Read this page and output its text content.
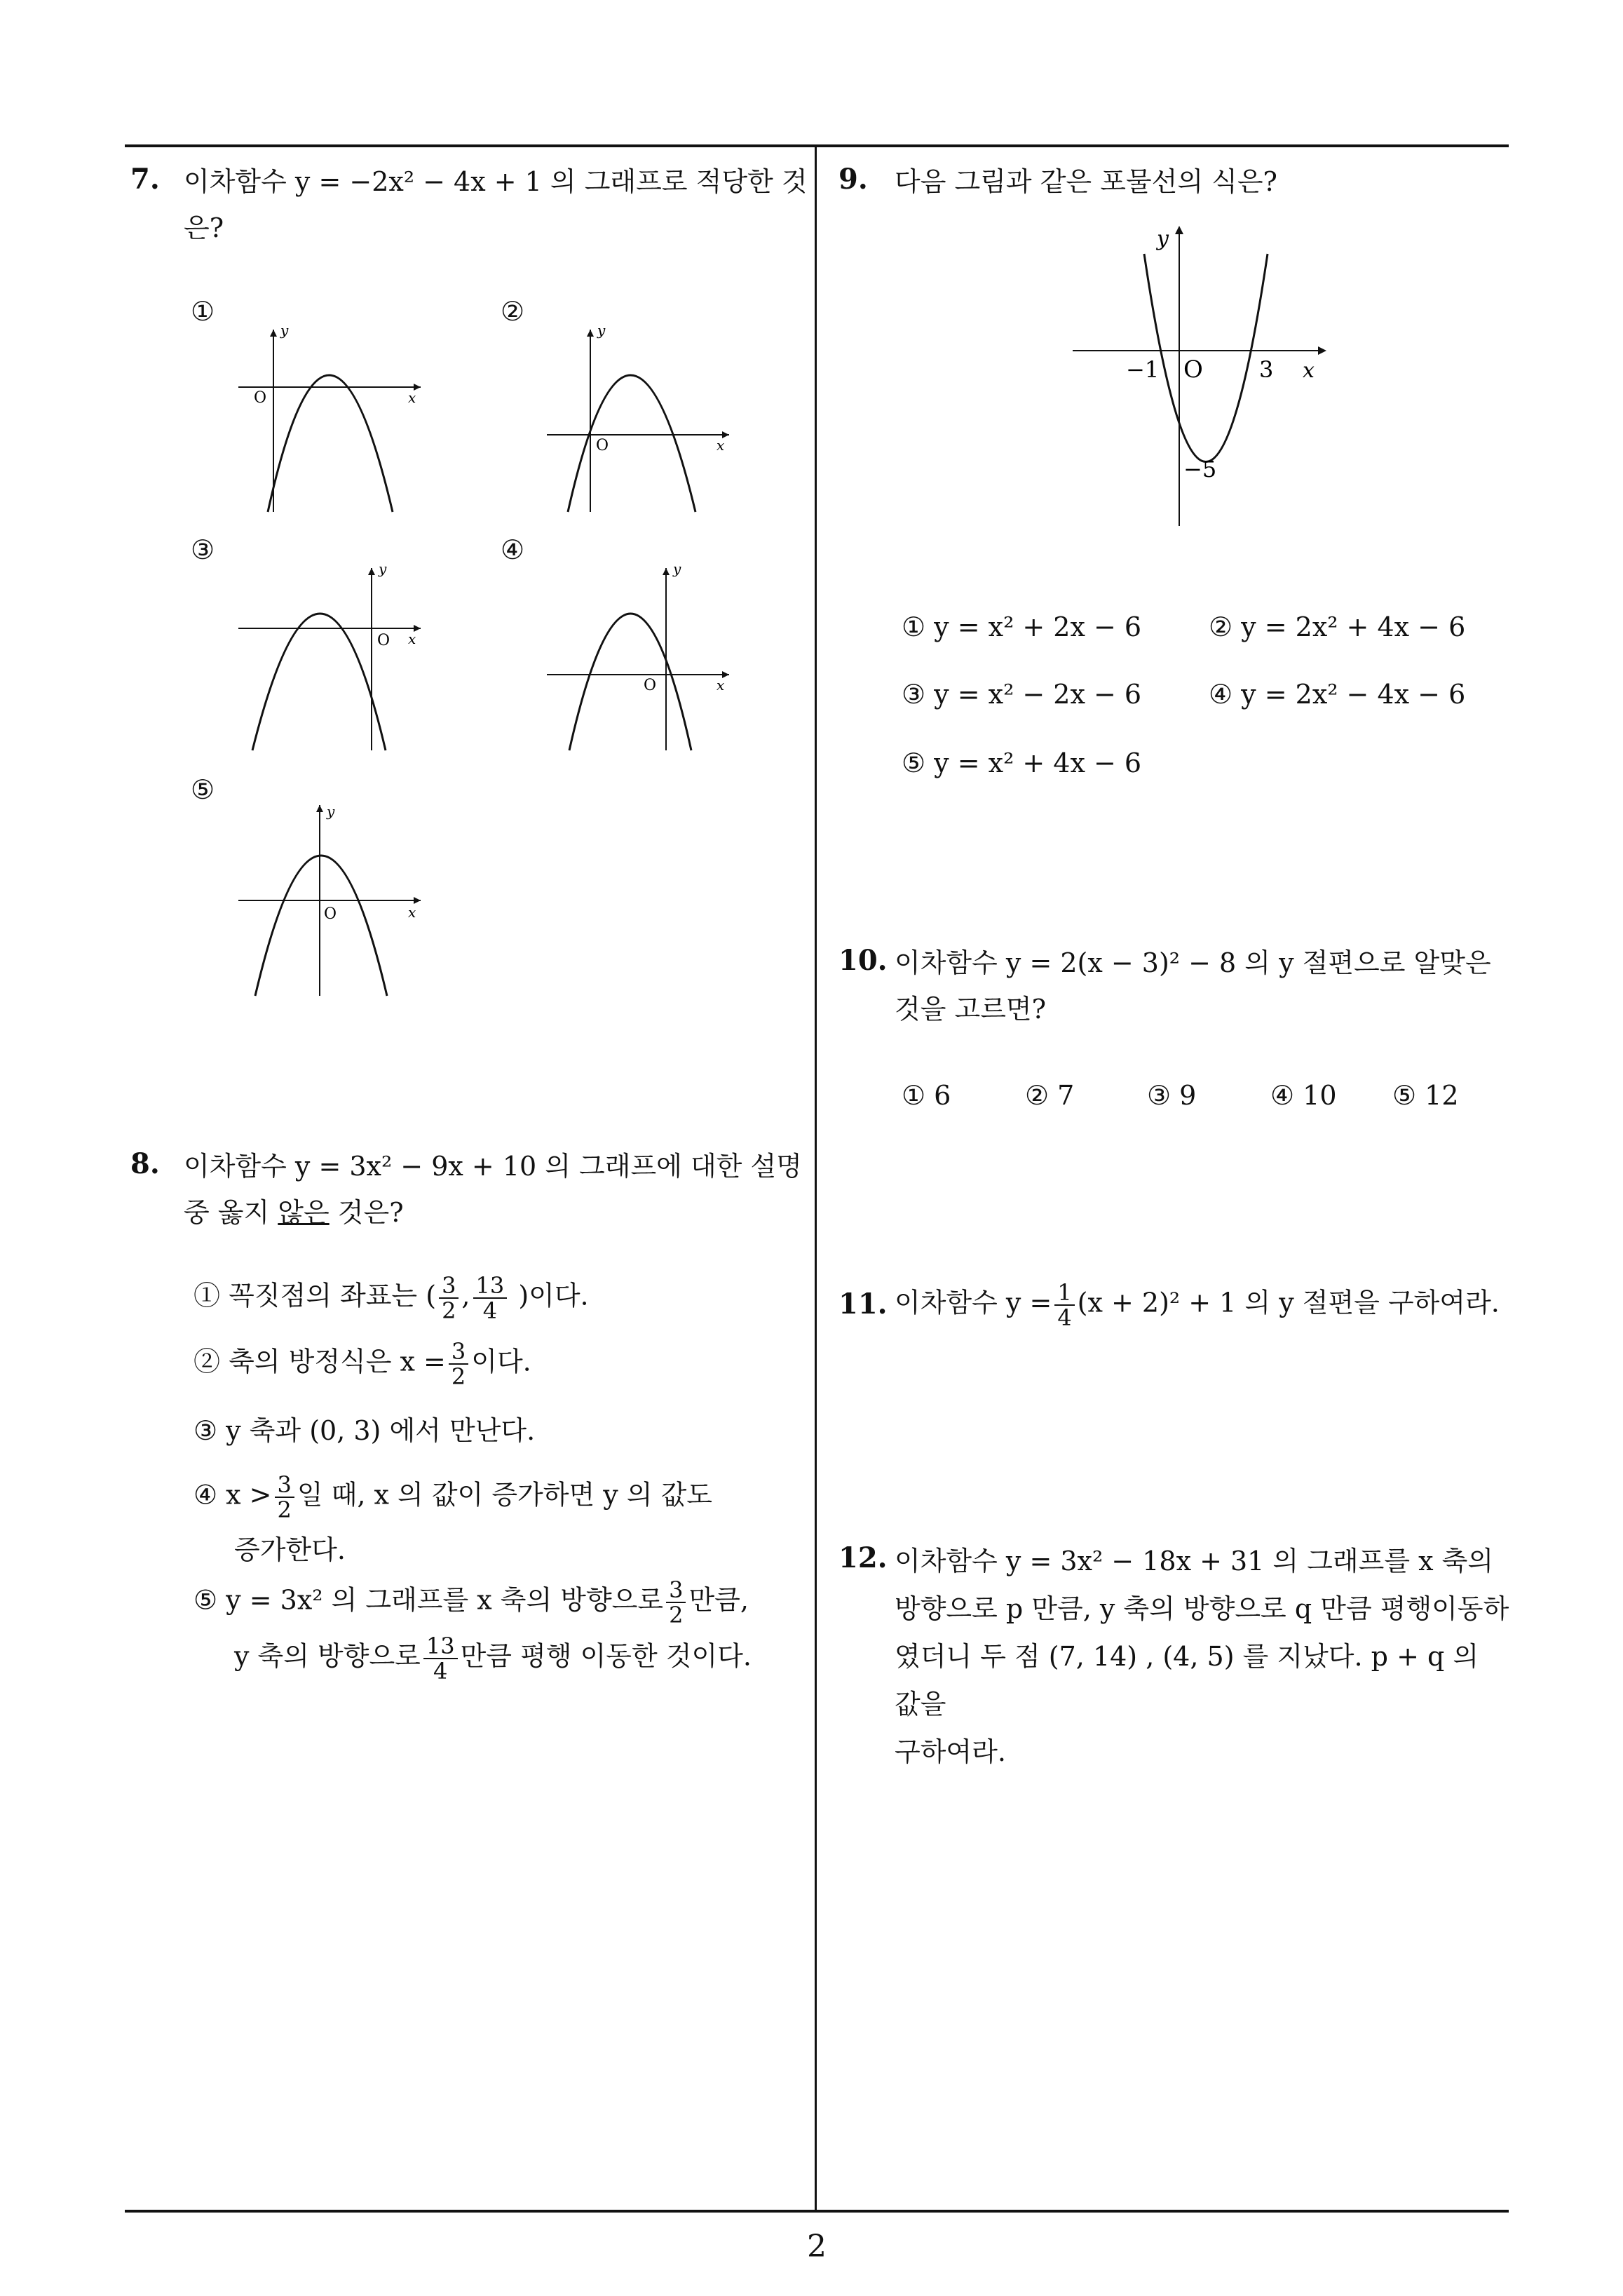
2
7. 이차함수 y = −2x² − 4x + 1 의 그래프로 적당한 것
은?
①
y
x
O
②
y
x
O
③
y
x
O
④
y
x
O
⑤
y
x
O
8. 이차함수 y = 3x² − 9x + 10 의 그래프에 대한 설명
중 옳지 않은 것은?
① 꼭짓점의 좌표는 ( $\frac{3}{2}$ , $\frac{13}{4}$ )이다.
② 축의 방정식은 $x = \frac{3}{2}$ 이다.
③ y 축과 (0, 3) 에서 만난다.
④ $x > \frac{3}{2}$ 일 때, x 의 값이 증가하면 y 의 값도
증가한다.
⑤ y = 3x² 의 그래프를 x 축의 방향으로 $\frac{3}{2}$ 만큼,
y 축의 방향으로 $\frac{13}{4}$ 만큼 평행 이동한 것이다.
9. 다음 그림과 같은 포물선의 식은?
y
x
O
−1	3
−5
① y = x² + 2x − 6	② y = 2x² + 4x − 6
③ y = x² − 2x − 6	④ y = 2x² − 4x − 6
⑤ y = x² + 4x − 6
10. 이차함수 y = 2(x − 3)² − 8 의 y 절편으로 알맞은
것을 고르면?
① 6	② 7	③ 9	④ 10 ⑤ 12
11. 이차함수 $y = \frac{1}{4} (x + 2)^2 + 1$ 의 y 절편을 구하여라.
12. 이차함수 y = 3x² − 18x + 31 의 그래프를 x 축의
방향으로 p 만큼, y 축의 방향으로 q 만큼 평행이동하
였더니 두 점 (7, 14) , (4, 5) 를 지났다. p + q 의 값을
구하여라.
